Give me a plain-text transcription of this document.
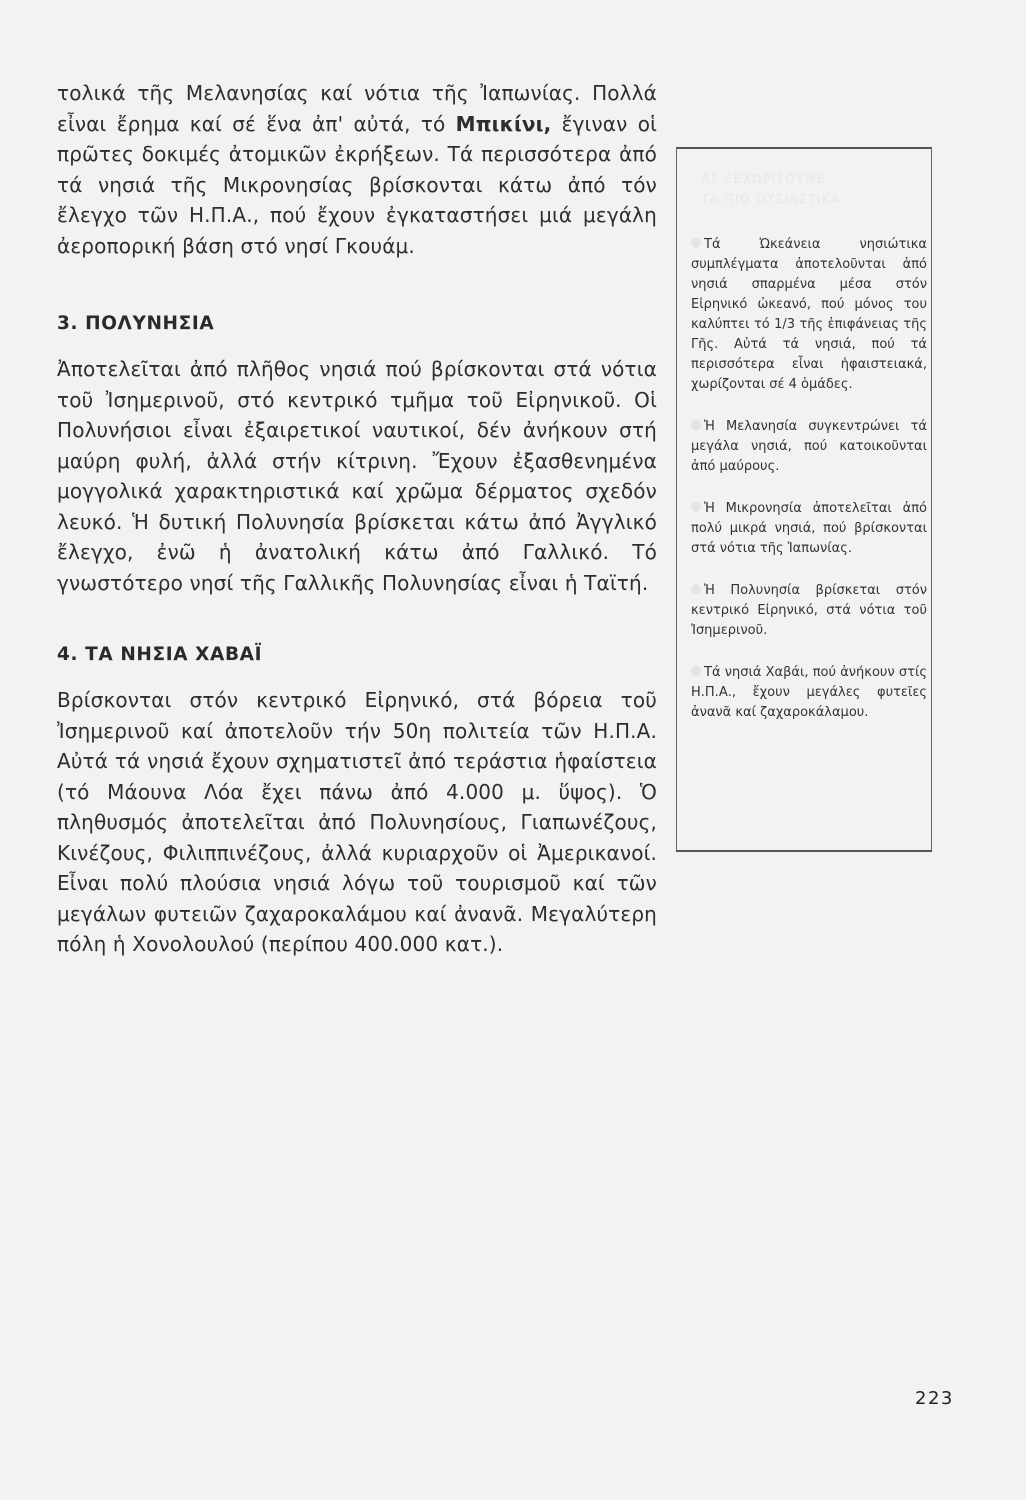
τολικά τῆς Μελανησίας καί νότια τῆς Ἰαπωνίας. Πολλά εἶναι ἔρημα καί σέ ἕνα ἀπ' αὐτά, τό Μπικίνι, ἔγιναν οἱ πρῶτες δοκιμές ἀτομικῶν ἐκρήξεων. Τά περισσότερα ἀπό τά νησιά τῆς Μικρονησίας βρίσκονται κάτω ἀπό τόν ἔλεγχο τῶν Η.Π.Α., πού ἔχουν ἐγκαταστήσει μιά μεγάλη ἀεροπορική βάση στό νησί Γκουάμ.

3. ΠΟΛΥΝΗΣΙΑ

Ἀποτελεῖται ἀπό πλῆθος νησιά πού βρίσκονται στά νότια τοῦ Ἰσημερινοῦ, στό κεντρικό τμῆμα τοῦ Εἰρηνικοῦ. Οἱ Πολυνήσιοι εἶναι ἐξαιρετικοί ναυτικοί, δέν ἀνήκουν στή μαύρη φυλή, ἀλλά στήν κίτρινη. Ἔχουν ἐξασθενημένα μογγολικά χαρακτηριστικά καί χρῶμα δέρματος σχεδόν λευκό. Ἡ δυτική Πολυνησία βρίσκεται κάτω ἀπό Ἀγγλικό ἔλεγχο, ἐνῶ ἡ ἀνατολική κάτω ἀπό Γαλλικό. Τό γνωστότερο νησί τῆς Γαλλικῆς Πολυνησίας εἶναι ἡ Ταϊτή.

4. ΤΑ ΝΗΣΙΑ ΧΑΒΑΪ

Βρίσκονται στόν κεντρικό Εἰρηνικό, στά βόρεια τοῦ Ἰσημερινοῦ καί ἀποτελοῦν τήν 50η πολιτεία τῶν Η.Π.Α. Αὐτά τά νησιά ἔχουν σχηματιστεῖ ἀπό τεράστια ἡφαίστεια (τό Μάουνα Λόα ἔχει πάνω ἀπό 4.000 μ. ὕψος). Ὁ πληθυσμός ἀποτελεῖται ἀπό Πολυνησίους, Γιαπωνέζους, Κινέζους, Φιλιππινέζους, ἀλλά κυριαρχοῦν οἱ Ἀμερικανοί. Εἶναι πολύ πλούσια νησιά λόγω τοῦ τουρισμοῦ καί τῶν μεγάλων φυτειῶν ζαχαροκαλάμου καί ἀνανᾶ. Μεγαλύτερη πόλη ἡ Χονολουλού (περίπου 400.000 κατ.).

ΑΣ ΞΕΧΩΡΙΣΟΥΜΕ
ΤΑ ΠΙΟ ΟΥΣΙΑΣΤΙΚΑ

Τά Ὠκεάνεια νησιώτικα συμπλέγματα ἀποτελοῦνται ἀπό νησιά σπαρμένα μέσα στόν Εἰρηνικό ὠκεανό, πού μόνος του καλύπτει τό 1/3 τῆς ἐπιφάνειας τῆς Γῆς. Αὐτά τά νησιά, πού τά περισσότερα εἶναι ἡφαιστειακά, χωρίζονται σέ 4 ὁμάδες.

Ἡ Μελανησία συγκεντρώνει τά μεγάλα νησιά, πού κατοικοῦνται ἀπό μαύρους.

Ἡ Μικρονησία ἀποτελεῖται ἀπό πολύ μικρά νησιά, πού βρίσκονται στά νότια τῆς Ἰαπωνίας.

Ἡ Πολυνησία βρίσκεται στόν κεντρικό Εἰρηνικό, στά νότια τοῦ Ἰσημερινοῦ.

Τά νησιά Χαβάι, πού ἀνήκουν στίς Η.Π.Α., ἔχουν μεγάλες φυτεῖες ἀνανᾶ καί ζαχαροκάλαμου.

223
